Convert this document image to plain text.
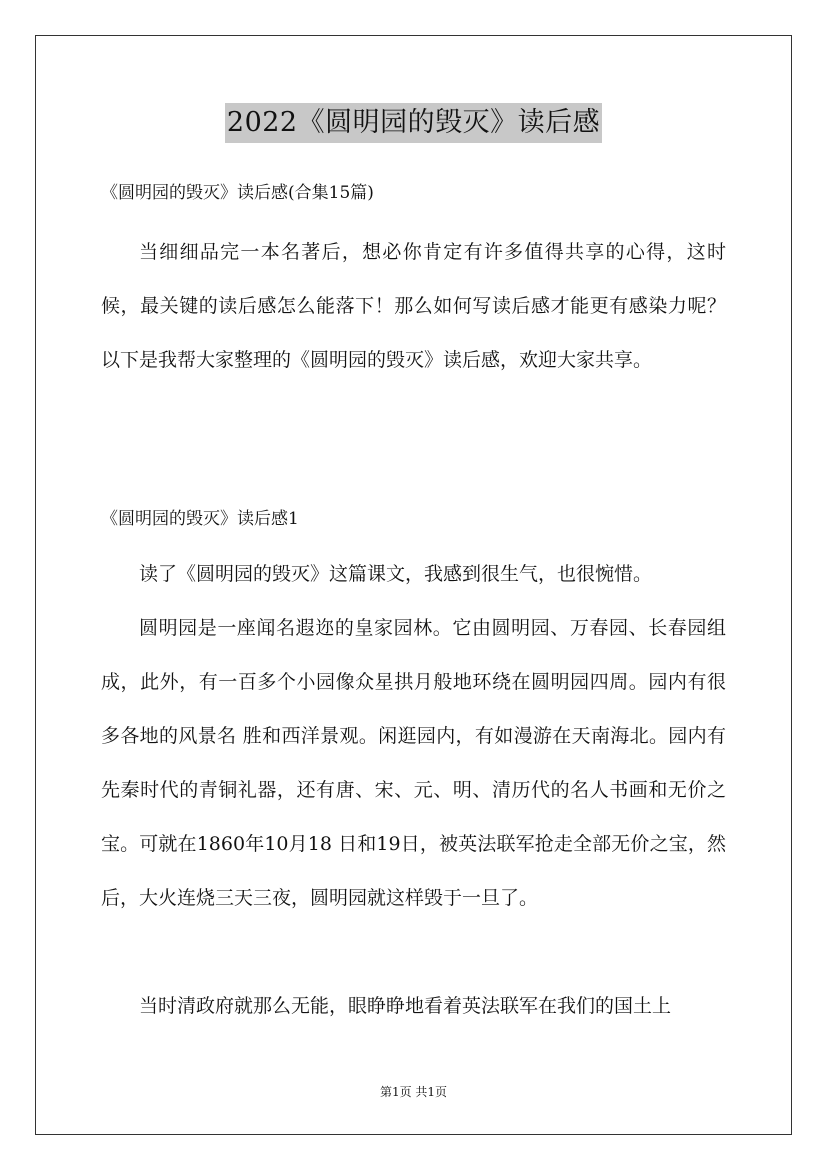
2022《圆明园的毁灭》读后感
《圆明园的毁灭》读后感(合集15篇)
当细细品完一本名著后，想必你肯定有许多值得共享的心得，这时候，最关键的读后感怎么能落下！那么如何写读后感才能更有感染力呢？以下是我帮大家整理的《圆明园的毁灭》读后感，欢迎大家共享。
《圆明园的毁灭》读后感1
读了《圆明园的毁灭》这篇课文，我感到很生气，也很惋惜。
圆明园是一座闻名遐迩的皇家园林。它由圆明园、万春园、长春园组成，此外，有一百多个小园像众星拱月般地环绕在圆明园四周。园内有很多各地的风景名 胜和西洋景观。闲逛园内，有如漫游在天南海北。园内有先秦时代的青铜礼器，还有唐、宋、元、明、清历代的名人书画和无价之宝。可就在1860年10月18 日和19日，被英法联军抢走全部无价之宝，然后，大火连烧三天三夜，圆明园就这样毁于一旦了。
当时清政府就那么无能，眼睁睁地看着英法联军在我们的国土上
第1页 共1页
